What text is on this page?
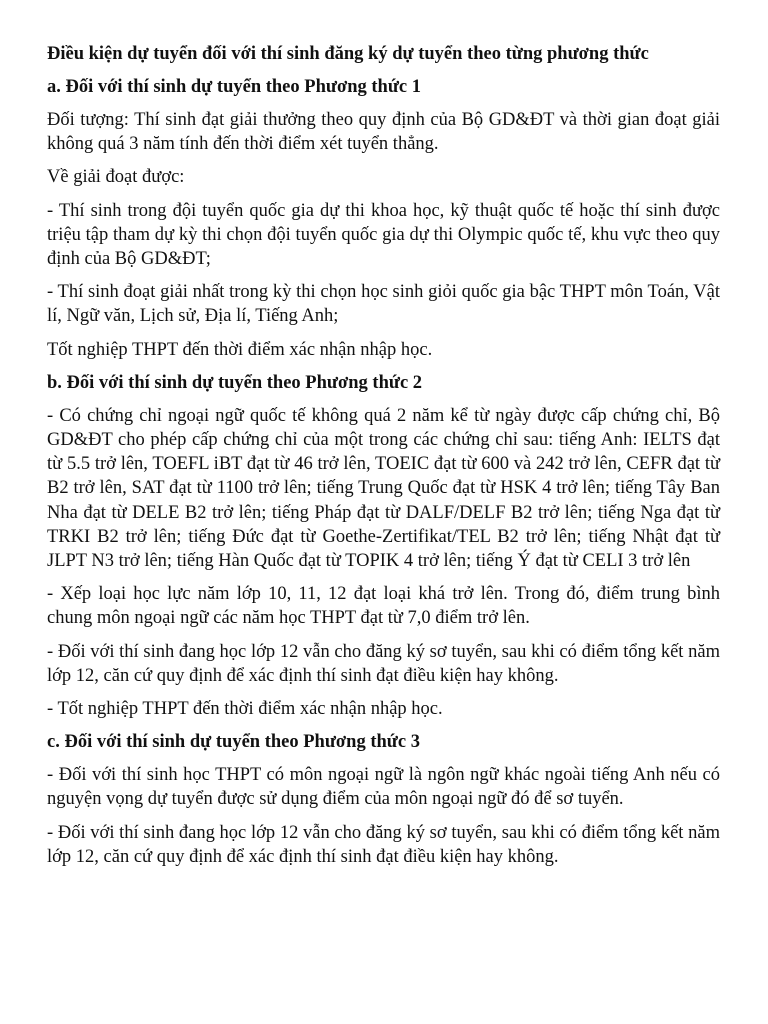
Điều kiện dự tuyển đối với thí sinh đăng ký dự tuyển theo từng phương thức

a. Đối với thí sinh dự tuyển theo Phương thức 1

Đối tượng: Thí sinh đạt giải thưởng theo quy định của Bộ GD&ĐT và thời gian đoạt giải không quá 3 năm tính đến thời điểm xét tuyển thẳng.

Về giải đoạt được:

- Thí sinh trong đội tuyển quốc gia dự thi khoa học, kỹ thuật quốc tế hoặc thí sinh được triệu tập tham dự kỳ thi chọn đội tuyển quốc gia dự thi Olympic quốc tế, khu vực theo quy định của Bộ GD&ĐT;

- Thí sinh đoạt giải nhất trong kỳ thi chọn học sinh giỏi quốc gia bậc THPT môn Toán, Vật lí, Ngữ văn, Lịch sử, Địa lí, Tiếng Anh;

Tốt nghiệp THPT đến thời điểm xác nhận nhập học.

b. Đối với thí sinh dự tuyển theo Phương thức 2

- Có chứng chỉ ngoại ngữ quốc tế không quá 2 năm kể từ ngày được cấp chứng chỉ, Bộ GD&ĐT cho phép cấp chứng chỉ của một trong các chứng chỉ sau: tiếng Anh: IELTS đạt từ 5.5 trở lên, TOEFL iBT đạt từ 46 trở lên, TOEIC đạt từ 600 và 242 trở lên, CEFR đạt từ B2 trở lên, SAT đạt từ 1100 trở lên; tiếng Trung Quốc đạt từ HSK 4 trở lên; tiếng Tây Ban Nha đạt từ DELE B2 trở lên; tiếng Pháp đạt từ DALF/DELF B2 trở lên; tiếng Nga đạt từ TRKI B2 trở lên; tiếng Đức đạt từ Goethe-Zertifikat/TEL B2 trở lên; tiếng Nhật đạt từ JLPT N3 trở lên; tiếng Hàn Quốc đạt từ TOPIK 4 trở lên; tiếng Ý đạt từ CELI 3 trở lên

- Xếp loại học lực năm lớp 10, 11, 12 đạt loại khá trở lên. Trong đó, điểm trung bình chung môn ngoại ngữ các năm học THPT đạt từ 7,0 điểm trở lên.

- Đối với thí sinh đang học lớp 12 vẫn cho đăng ký sơ tuyển, sau khi có điểm tổng kết năm lớp 12, căn cứ quy định để xác định thí sinh đạt điều kiện hay không.

- Tốt nghiệp THPT đến thời điểm xác nhận nhập học.

c. Đối với thí sinh dự tuyển theo Phương thức 3

- Đối với thí sinh học THPT có môn ngoại ngữ là ngôn ngữ khác ngoài tiếng Anh nếu có nguyện vọng dự tuyển được sử dụng điểm của môn ngoại ngữ đó để sơ tuyển.

- Đối với thí sinh đang học lớp 12 vẫn cho đăng ký sơ tuyển, sau khi có điểm tổng kết năm lớp 12, căn cứ quy định để xác định thí sinh đạt điều kiện hay không.
